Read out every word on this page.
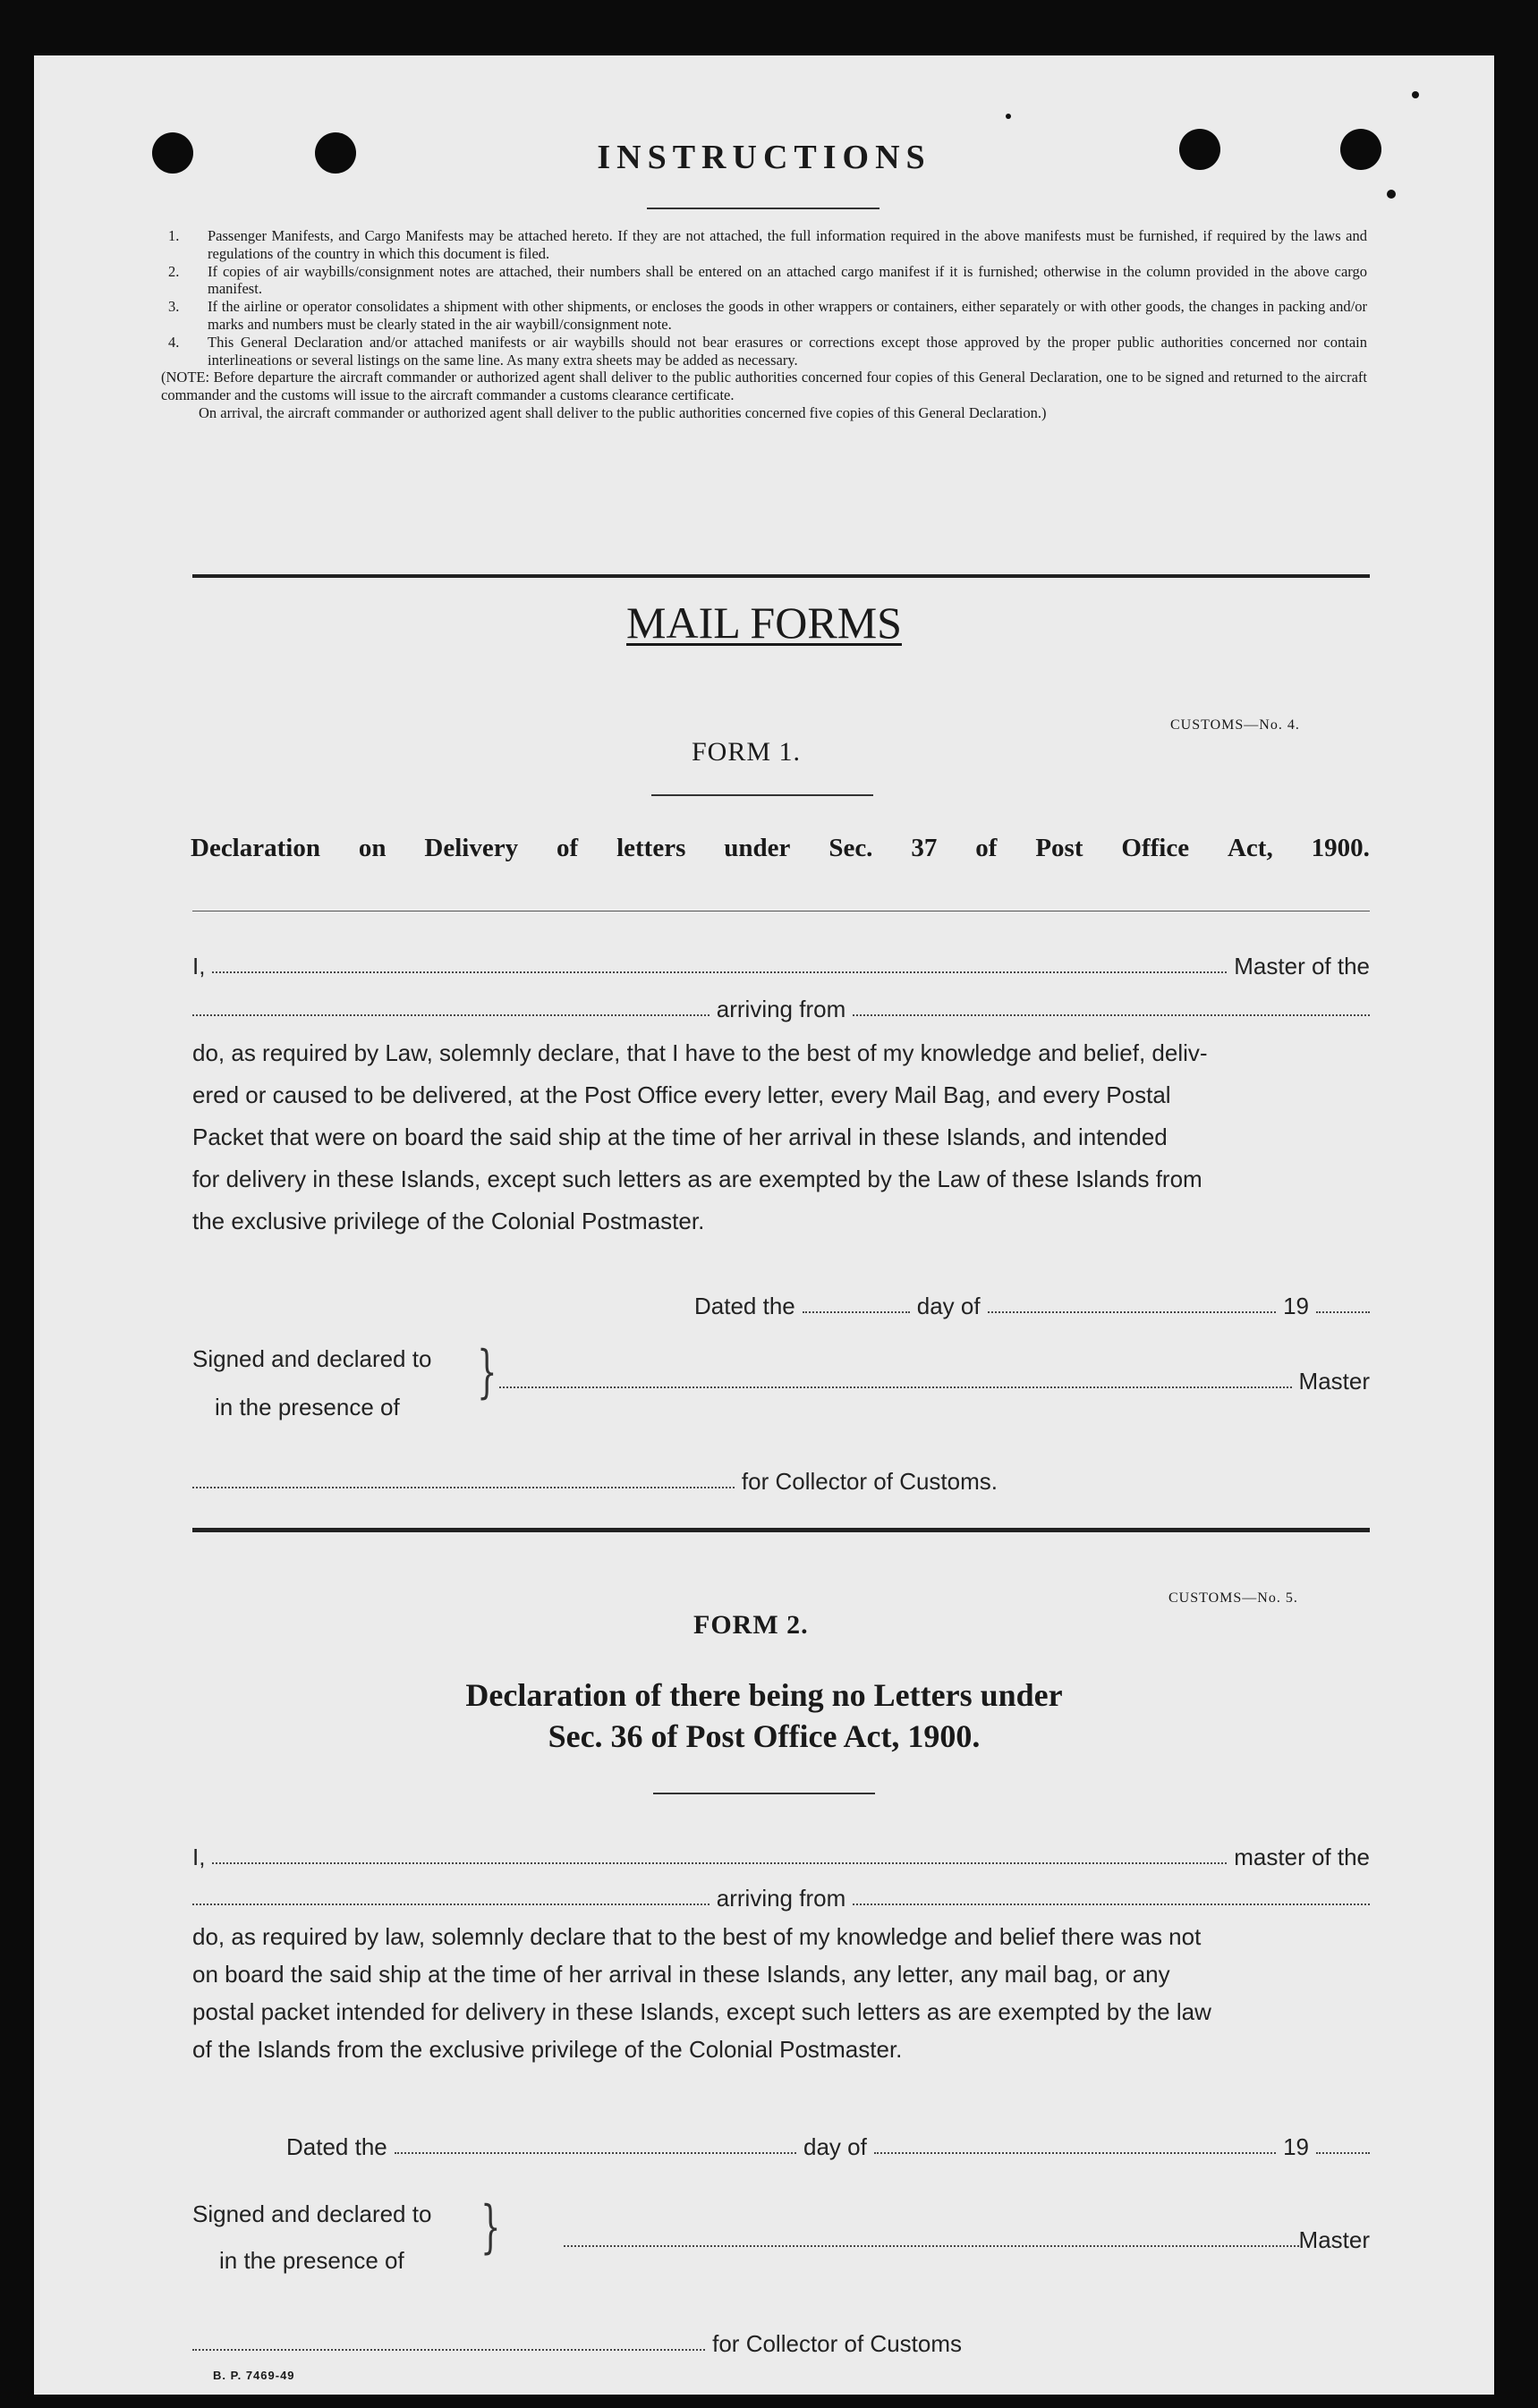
INSTRUCTIONS
1. Passenger Manifests, and Cargo Manifests may be attached hereto. If they are not attached, the full information required in the above manifests must be furnished, if required by the laws and regulations of the country in which this document is filed.
2. If copies of air waybills/consignment notes are attached, their numbers shall be entered on an attached cargo manifest if it is furnished; otherwise in the column provided in the above cargo manifest.
3. If the airline or operator consolidates a shipment with other shipments, or encloses the goods in other wrappers or containers, either separately or with other goods, the changes in packing and/or marks and numbers must be clearly stated in the air waybill/consignment note.
4. This General Declaration and/or attached manifests or air waybills should not bear erasures or corrections except those approved by the proper public authorities concerned nor contain interlineations or several listings on the same line. As many extra sheets may be added as necessary.
(NOTE: Before departure the aircraft commander or authorized agent shall deliver to the public authorities concerned four copies of this General Declaration, one to be signed and returned to the aircraft commander and the customs will issue to the aircraft commander a customs clearance certificate.
On arrival, the aircraft commander or authorized agent shall deliver to the public authorities concerned five copies of this General Declaration.)
MAIL FORMS
CUSTOMS—No. 4.
FORM 1.
Declaration on Delivery of letters under Sec. 37 of Post Office Act, 1900.
I,	Master of the
arriving from
do, as required by Law, solemnly declare, that I have to the best of my knowledge and belief, deliv-
ered or caused to be delivered, at the Post Office every letter, every Mail Bag, and every Postal
Packet that were on board the said ship at the time of her arrival in these Islands, and intended
for delivery in these Islands, except such letters as are exempted by the Law of these Islands from
the exclusive privilege of the Colonial Postmaster.
Dated the	day of	19
Signed and declared to
in the presence of
}	Master
for Collector of Customs.
CUSTOMS—No. 5.
FORM 2.
Declaration of there being no Letters under
Sec. 36 of Post Office Act, 1900.
I,	master of the
arriving from
do, as required by law, solemnly declare that to the best of my knowledge and belief there was not
on board the said ship at the time of her arrival in these Islands, any letter, any mail bag, or any
postal packet intended for delivery in these Islands, except such letters as are exempted by the law
of the Islands from the exclusive privilege of the Colonial Postmaster.
Dated the	day of	19
Signed and declared to
in the presence of }	Master
for Collector of Customs
B. P. 7469-49
